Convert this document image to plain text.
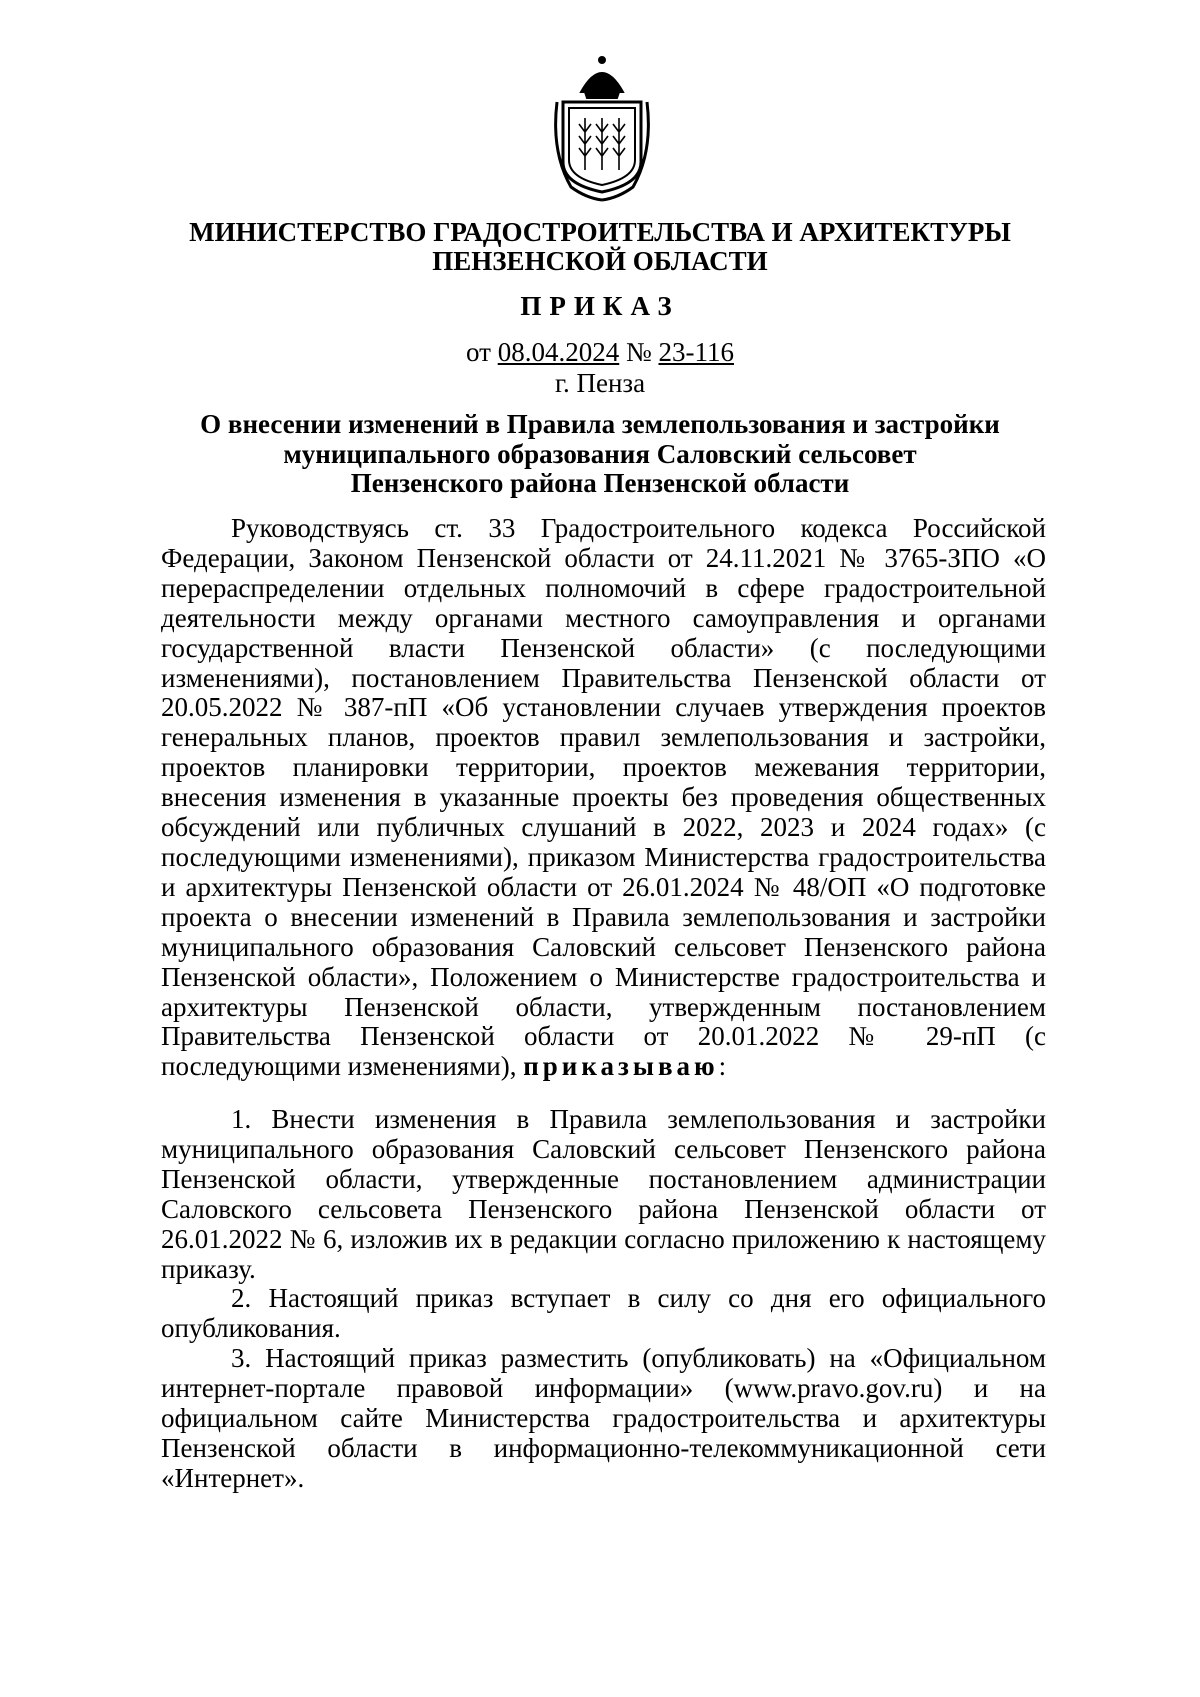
МИНИСТЕРСТВО ГРАДОСТРОИТЕЛЬСТВА И АРХИТЕКТУРЫ
ПЕНЗЕНСКОЙ ОБЛАСТИ
ПРИКАЗ
от 08.04.2024 № 23-116
г. Пенза
О внесении изменений в Правила землепользования и застройки
муниципального образования Саловский сельсовет
Пензенского района Пензенской области

Руководствуясь ст. 33 Градостроительного кодекса Российской Федерации, Законом Пензенской области от 24.11.2021 № 3765-ЗПО «О перераспределении отдельных полномочий в сфере градостроительной деятельности между органами местного самоуправления и органами государственной власти Пензенской области» (с последующими изменениями), постановлением Правительства Пензенской области от 20.05.2022 № 387-пП «Об установлении случаев утверждения проектов генеральных планов, проектов правил землепользования и застройки, проектов планировки территории, проектов межевания территории, внесения изменения в указанные проекты без проведения общественных обсуждений или публичных слушаний в 2022, 2023 и 2024 годах» (с последующими изменениями), приказом Министерства градостроительства и архитектуры Пензенской области от 26.01.2024 № 48/ОП «О подготовке проекта о внесении изменений в Правила землепользования и застройки муниципального образования Саловский сельсовет Пензенского района Пензенской области», Положением о Министерстве градостроительства и архитектуры Пензенской области, утвержденным постановлением Правительства Пензенской области от 20.01.2022 № 29-пП (с последующими изменениями), приказываю:

1. Внести изменения в Правила землепользования и застройки муниципального образования Саловский сельсовет Пензенского района Пензенской области, утвержденные постановлением администрации Саловского сельсовета Пензенского района Пензенской области от 26.01.2022 № 6, изложив их в редакции согласно приложению к настоящему приказу.

2. Настоящий приказ вступает в силу со дня его официального опубликования.

3. Настоящий приказ разместить (опубликовать) на «Официальном интернет-портале правовой информации» (www.pravo.gov.ru) и на официальном сайте Министерства градостроительства и архитектуры Пензенской области в информационно-телекоммуникационной сети «Интернет».
